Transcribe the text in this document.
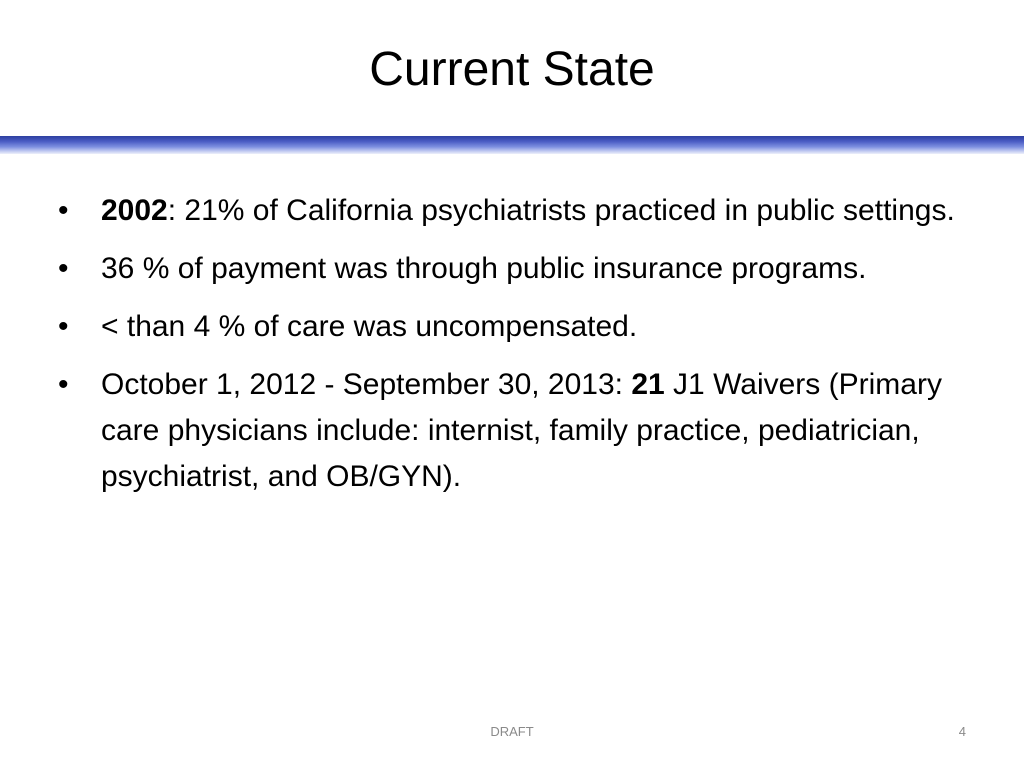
Current State
• 2002: 21% of California psychiatrists practiced in public settings.
• 36 % of payment was through public insurance programs.
• < than 4 % of care was uncompensated.
• October 1, 2012 - September 30, 2013: 21 J1 Waivers (Primary care physicians include: internist, family practice, pediatrician, psychiatrist, and OB/GYN).
DRAFT	4
